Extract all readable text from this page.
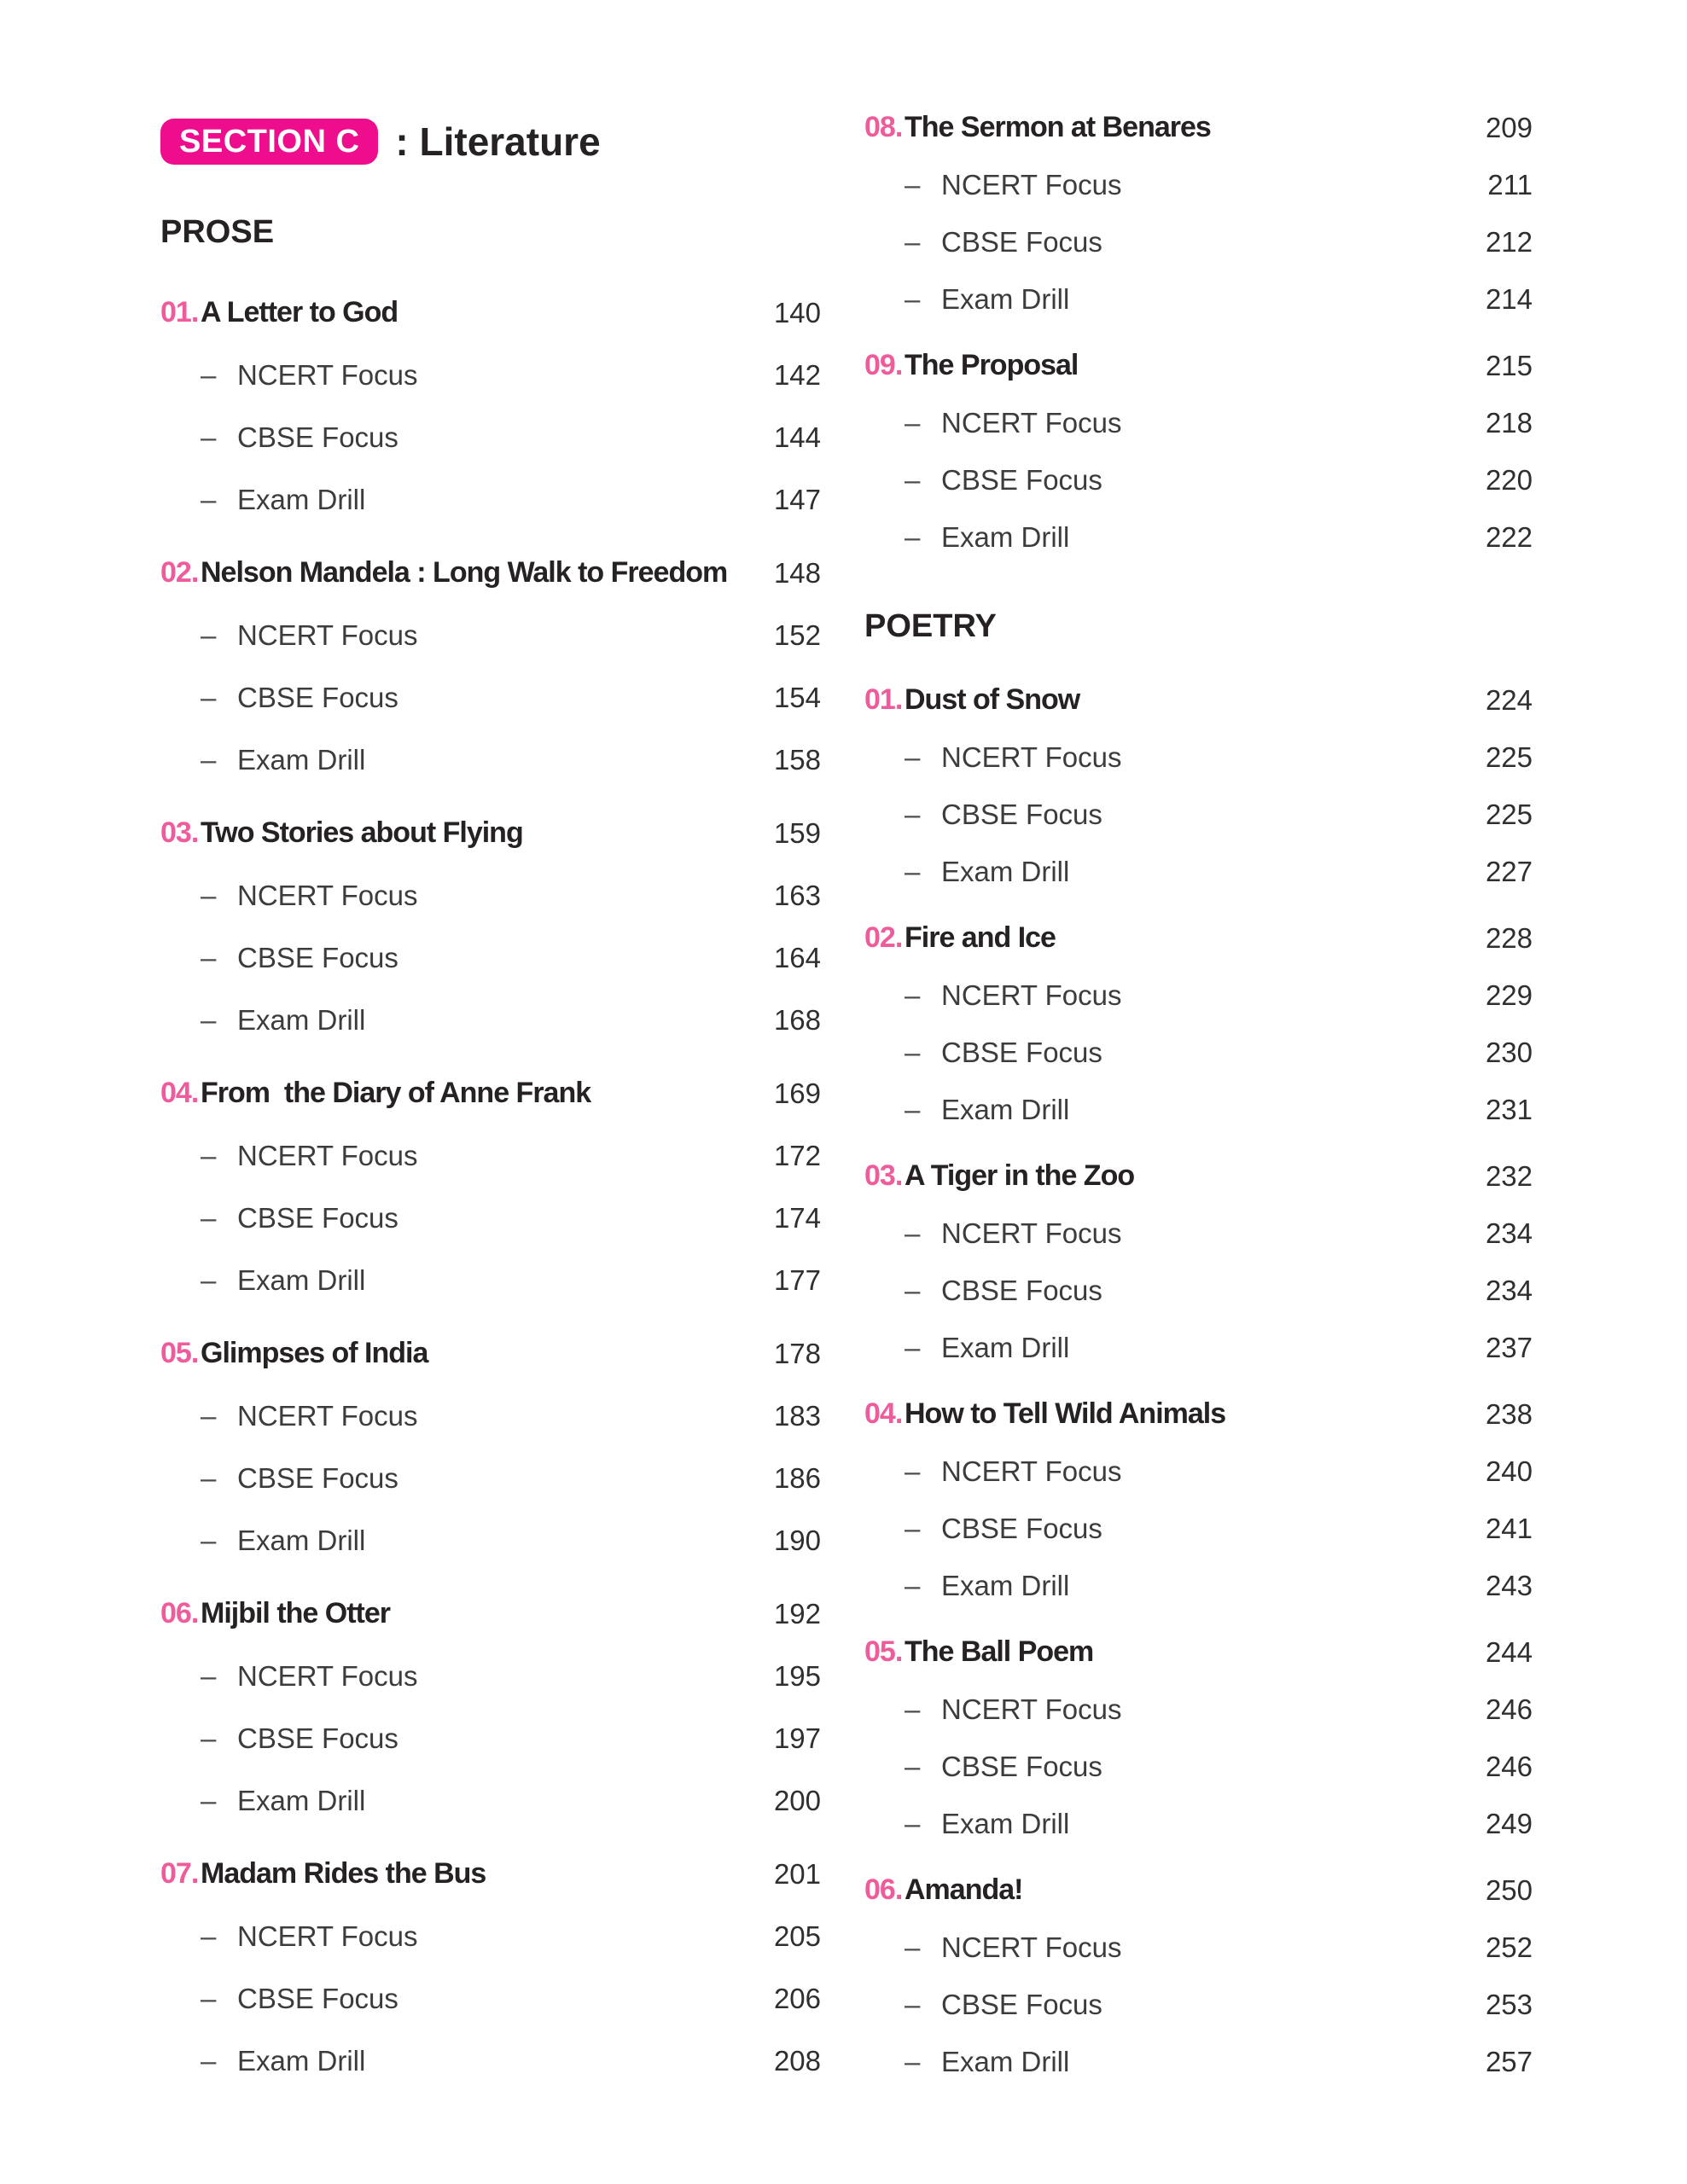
SECTION C : Literature
PROSE
01. A Letter to God	140
– NCERT Focus	142
– CBSE Focus	144
– Exam Drill	147
02. Nelson Mandela : Long Walk to Freedom 148
– NCERT Focus	152
– CBSE Focus	154
– Exam Drill	158
03. Two Stories about Flying	159
– NCERT Focus	163
– CBSE Focus	164
– Exam Drill	168
04. From  the Diary of Anne Frank	169
– NCERT Focus	172
– CBSE Focus	174
– Exam Drill	177
05. Glimpses of India	178
– NCERT Focus	183
– CBSE Focus	186
– Exam Drill	190
06. Mijbil the Otter	192
– NCERT Focus	195
– CBSE Focus	197
– Exam Drill	200
07. Madam Rides the Bus	201
– NCERT Focus	205
– CBSE Focus	206
– Exam Drill	208
08. The Sermon at Benares	209
– NCERT Focus	211
– CBSE Focus	212
– Exam Drill	214
09. The Proposal	215
– NCERT Focus	218
– CBSE Focus	220
– Exam Drill	222
POETRY
01. Dust of Snow	224
– NCERT Focus	225
– CBSE Focus	225
– Exam Drill	227
02. Fire and Ice	228
– NCERT Focus	229
– CBSE Focus	230
– Exam Drill	231
03. A Tiger in the Zoo	232
– NCERT Focus	234
– CBSE Focus	234
– Exam Drill	237
04. How to Tell Wild Animals	238
– NCERT Focus	240
– CBSE Focus	241
– Exam Drill	243
05. The Ball Poem	244
– NCERT Focus	246
– CBSE Focus	246
– Exam Drill	249
06. Amanda!	250
– NCERT Focus	252
– CBSE Focus	253
– Exam Drill	257
